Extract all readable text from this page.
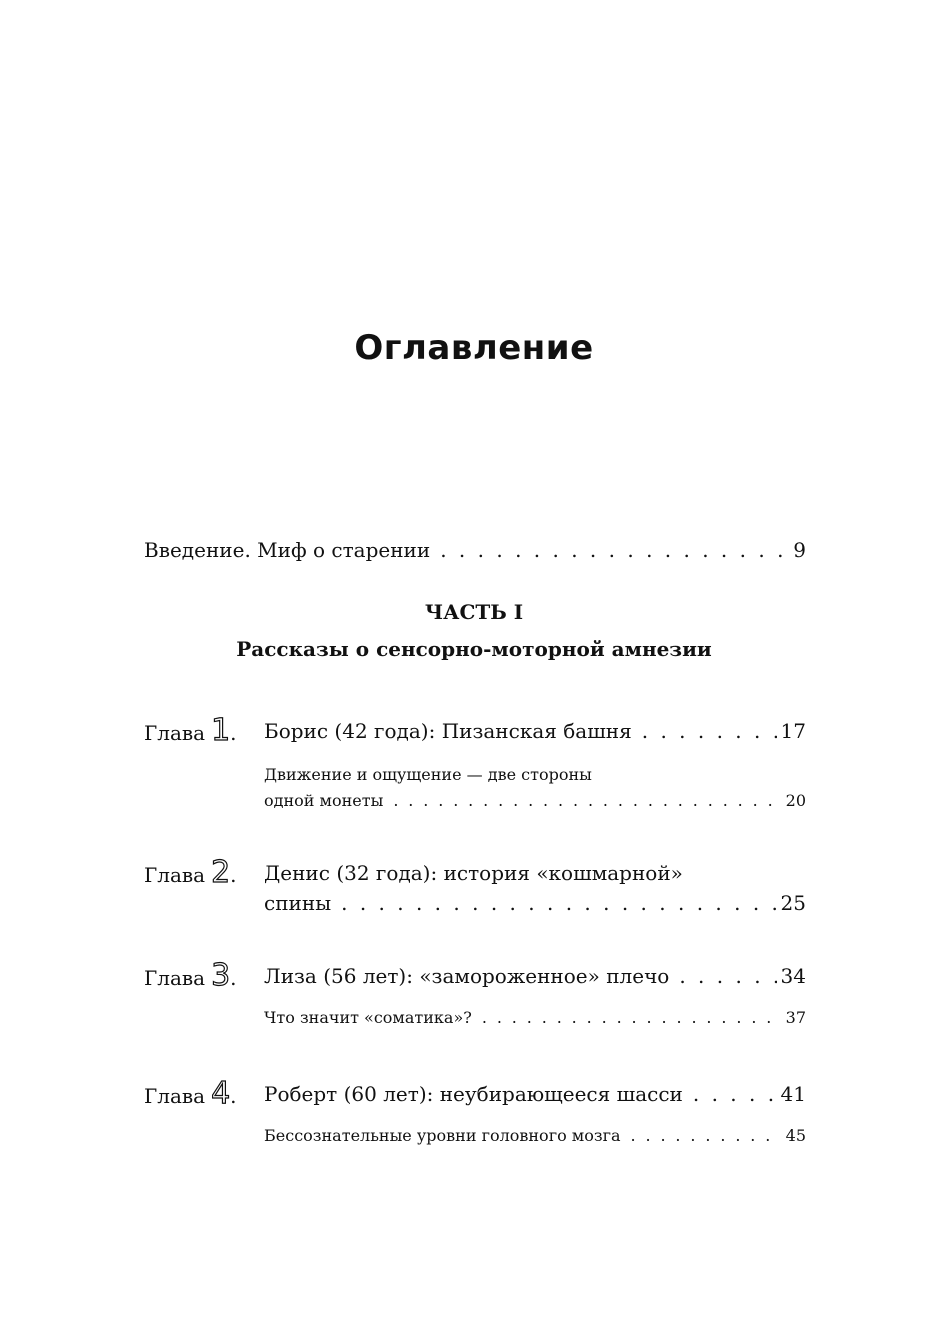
Оглавление
Введение. Миф о старении . . .	9
ЧАСТЬ I
Рассказы о сенсорно-моторной амнезии
Глава 1. Борис (42 года): Пизанская башня . . .	17
Движение и ощущение — две стороны
одной монеты . . .	20
Глава 2. Денис (32 года): история «кошмарной»
спины . . .	25
Глава 3. Лиза (56 лет): «замороженное» плечо . . .	34
Что значит «соматика»? . . .	37
Глава 4. Роберт (60 лет): неубирающееся шасси . . .	41
Бессознательные уровни головного мозга . . .	45
